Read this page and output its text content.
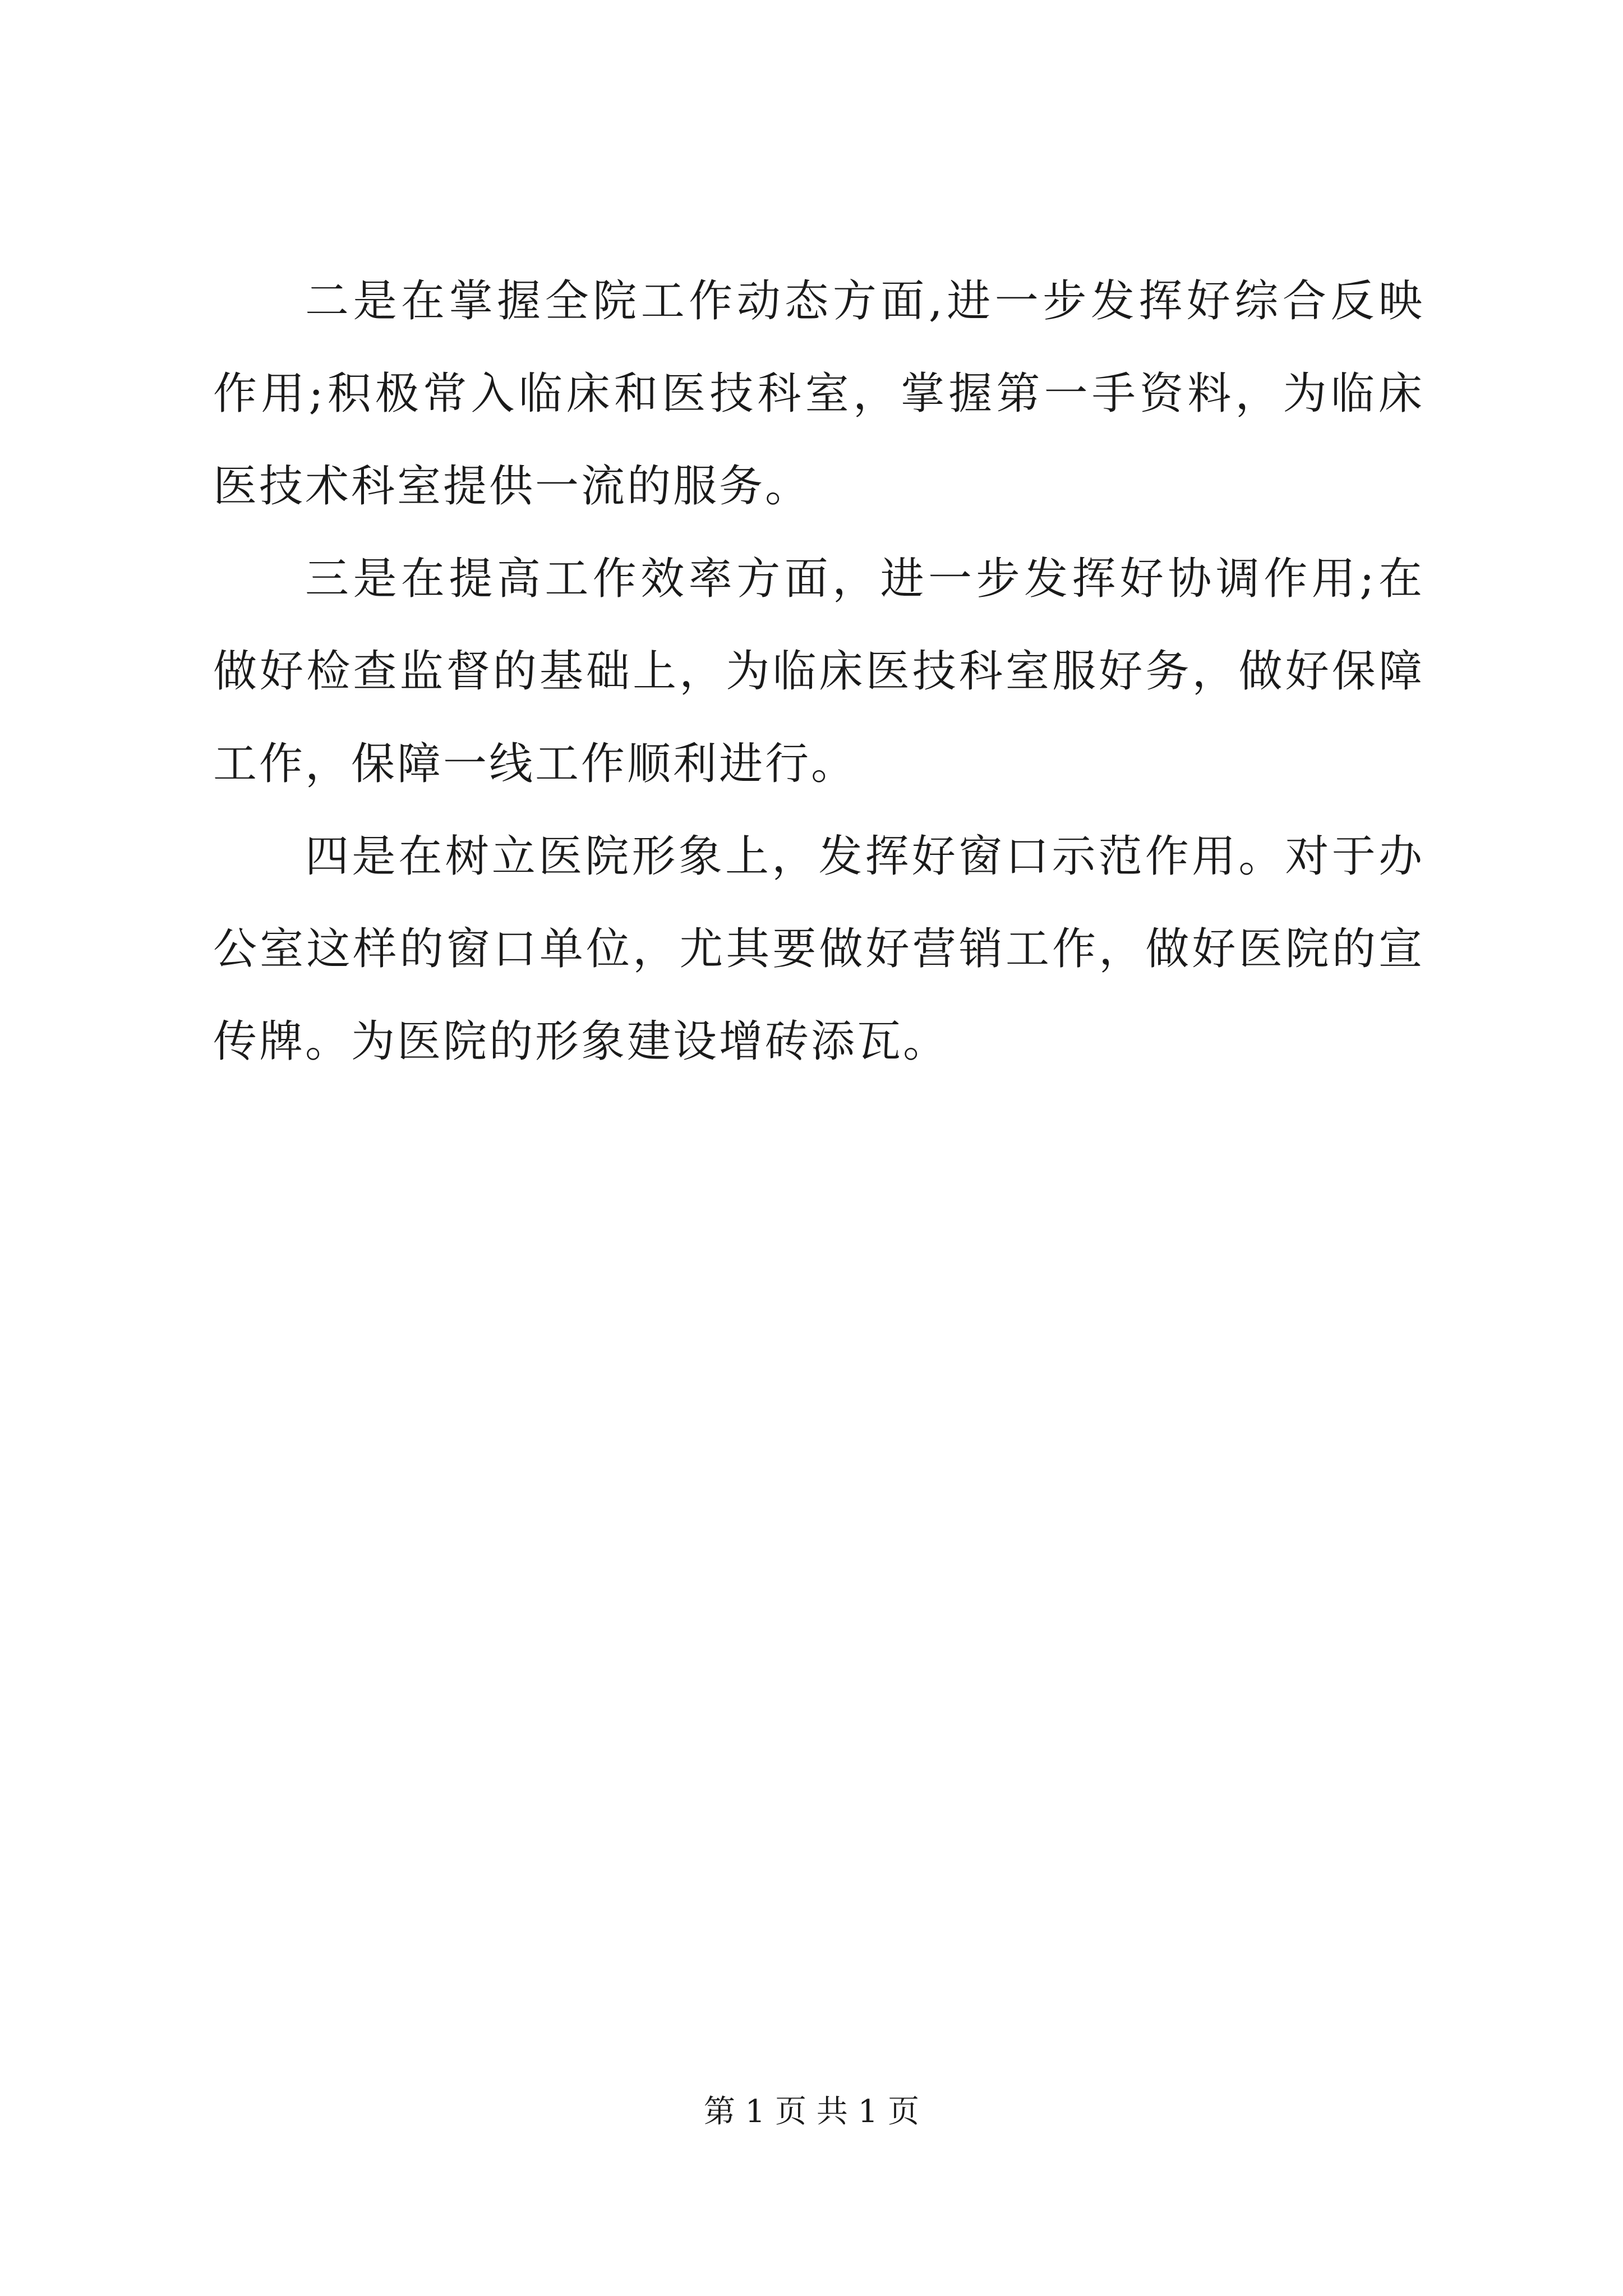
二是在掌握全院工作动态方面,进一步发挥好综合反映作用;积极常入临床和医技科室，掌握第一手资料，为临床医技术科室提供一流的服务。

三是在提高工作效率方面，进一步发挥好协调作用;在做好检查监督的基础上，为临床医技科室服好务，做好保障工作，保障一线工作顺利进行。

四是在树立医院形象上，发挥好窗口示范作用。对于办公室这样的窗口单位，尤其要做好营销工作，做好医院的宣传牌。为医院的形象建设增砖添瓦。

第 1 页 共 1 页
